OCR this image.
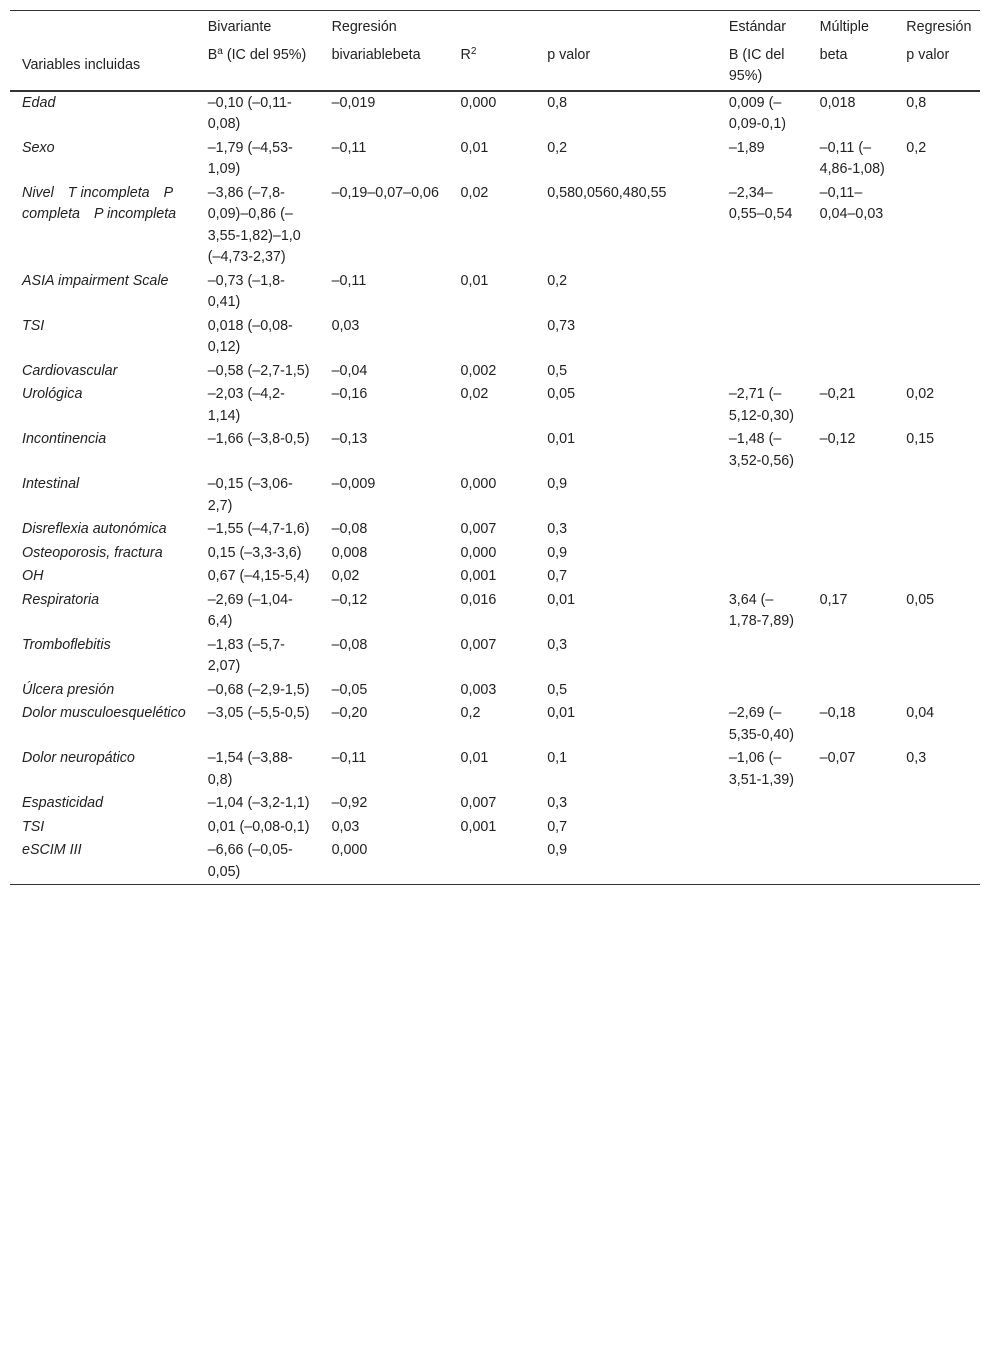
	Bivariante	Regresión			Estándar	Múltiple	Regresión
Variables incluidas	$B^a$ (IC del 95%)	bivariablebeta	$R^2$	p valor	B (IC del 95%)	beta	p valor
Edad	–0,10 (–0,11-0,08)	–0,019	0,000	0,8	0,009 (–0,09-0,1)	0,018	0,8
Sexo	–1,79 (–4,53-1,09)	–0,11	0,01	0,2	–1,89	–0,11 (–4,86-1,08)	0,2
Nivel T incompleta P completa P incompleta	–3,86 (–7,8-0,09)–0,86 (–3,55-1,82)–1,0 (–4,73-2,37)	–0,19–0,07–0,06	0,02	0,580,0560,480,55	–2,34–0,55–0,54	–0,11–0,04–0,03	
ASIA impairment Scale	–0,73 (–1,8-0,41)	–0,11	0,01	0,2			
TSI	0,018 (–0,08-0,12)	0,03		0,73			
Cardiovascular	–0,58 (–2,7-1,5)	–0,04	0,002	0,5			
Urológica	–2,03 (–4,2-1,14)	–0,16	0,02	0,05	–2,71 (–5,12-0,30)	–0,21	0,02
Incontinencia	–1,66 (–3,8-0,5)	–0,13		0,01	–1,48 (–3,52-0,56)	–0,12	0,15
Intestinal	–0,15 (–3,06-2,7)	–0,009	0,000	0,9			
Disreflexia autonómica	–1,55 (–4,7-1,6)	–0,08	0,007	0,3			
Osteoporosis, fractura	0,15 (–3,3-3,6)	0,008	0,000	0,9			
OH	0,67 (–4,15-5,4)	0,02	0,001	0,7			
Respiratoria	–2,69 (–1,04-6,4)	–0,12	0,016	0,01	3,64 (–1,78-7,89)	0,17	0,05
Tromboflebitis	–1,83 (–5,7-2,07)	–0,08	0,007	0,3			
Úlcera presión	–0,68 (–2,9-1,5)	–0,05	0,003	0,5			
Dolor musculoesquelético	–3,05 (–5,5-0,5)	–0,20	0,2	0,01	–2,69 (–5,35-0,40)	–0,18	0,04
Dolor neuropático	–1,54 (–3,88-0,8)	–0,11	0,01	0,1	–1,06 (–3,51-1,39)	–0,07	0,3
Espasticidad	–1,04 (–3,2-1,1)	–0,92	0,007	0,3			
TSI	0,01 (–0,08-0,1)	0,03	0,001	0,7			
eSCIM III	–6,66 (–0,05-0,05)	0,000		0,9			
